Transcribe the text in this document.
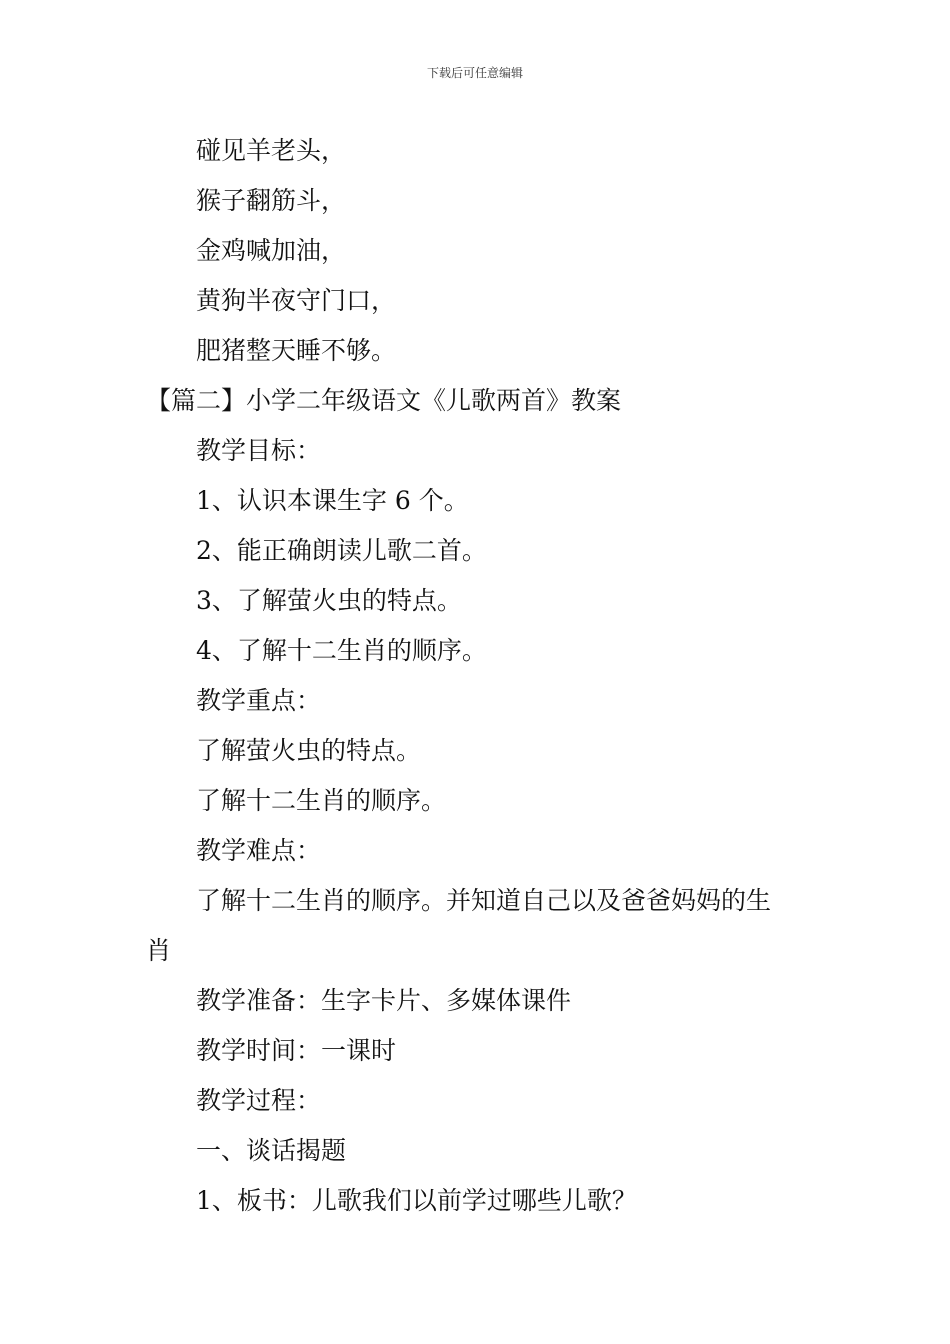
下载后可任意编辑
碰见羊老头，
猴子翻筋斗，
金鸡喊加油，
黄狗半夜守门口，
肥猪整天睡不够。
【篇二】小学二年级语文《儿歌两首》教案
教学目标：
1、认识本课生字 6 个。
2、能正确朗读儿歌二首。
3、了解萤火虫的特点。
4、了解十二生肖的顺序。
教学重点：
了解萤火虫的特点。
了解十二生肖的顺序。
教学难点：
了解十二生肖的顺序。并知道自己以及爸爸妈妈的生
肖
教学准备：生字卡片、多媒体课件
教学时间：一课时
教学过程：
一、谈话揭题
1、板书：儿歌我们以前学过哪些儿歌？
